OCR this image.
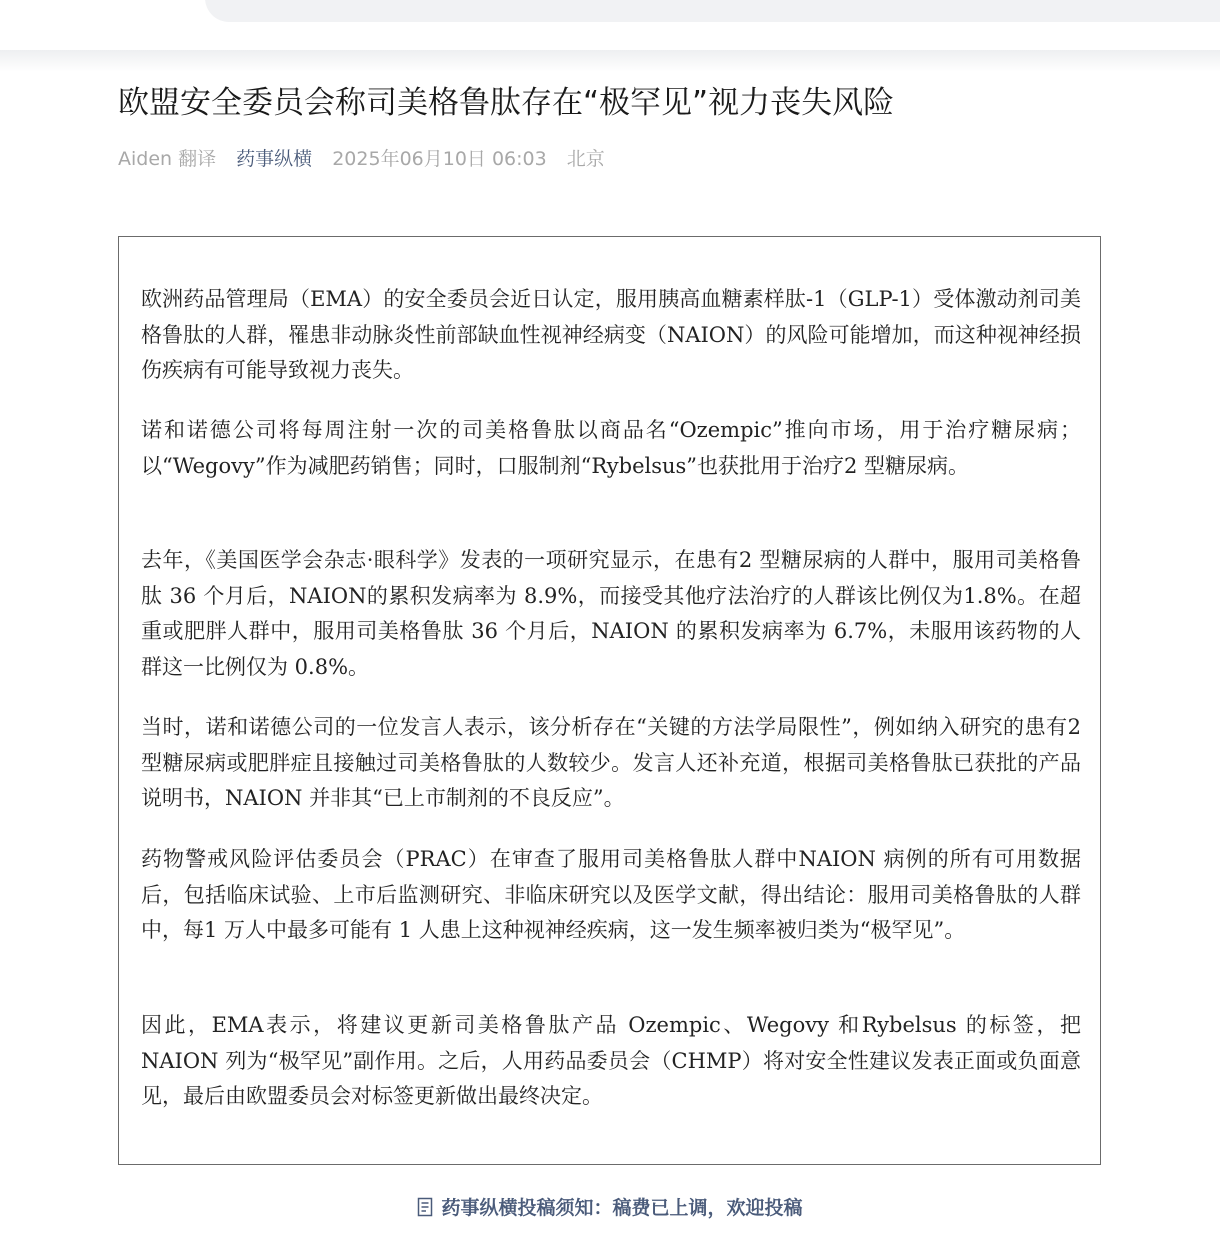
欧盟安全委员会称司美格鲁肽存在“极罕见”视力丧失风险
Aiden 翻译 药事纵横 2025年06月10日 06:03 北京

欧洲药品管理局（EMA）的安全委员会近日认定，服用胰高血糖素样肽-1（GLP-1）受体激动剂司美格鲁肽的人群，罹患非动脉炎性前部缺血性视神经病变（NAION）的风险可能增加，而这种视神经损伤疾病有可能导致视力丧失。

诺和诺德公司将每周注射一次的司美格鲁肽以商品名“Ozempic”推向市场，用于治疗糖尿病；以“Wegovy”作为减肥药销售；同时，口服制剂“Rybelsus”也获批用于治疗2 型糖尿病。

去年，《美国医学会杂志·眼科学》发表的一项研究显示，在患有2 型糖尿病的人群中，服用司美格鲁肽 36 个月后，NAION的累积发病率为 8.9%，而接受其他疗法治疗的人群该比例仅为1.8%。在超重或肥胖人群中，服用司美格鲁肽 36 个月后，NAION 的累积发病率为 6.7%，未服用该药物的人群这一比例仅为 0.8%。

当时，诺和诺德公司的一位发言人表示，该分析存在“关键的方法学局限性”，例如纳入研究的患有2 型糖尿病或肥胖症且接触过司美格鲁肽的人数较少。发言人还补充道，根据司美格鲁肽已获批的产品说明书，NAION 并非其“已上市制剂的不良反应”。

药物警戒风险评估委员会（PRAC）在审查了服用司美格鲁肽人群中NAION 病例的所有可用数据后，包括临床试验、上市后监测研究、非临床研究以及医学文献，得出结论：服用司美格鲁肽的人群中，每1 万人中最多可能有 1 人患上这种视神经疾病，这一发生频率被归类为“极罕见”。

因此，EMA表示，将建议更新司美格鲁肽产品 Ozempic、Wegovy 和Rybelsus 的标签，把 NAION 列为“极罕见”副作用。之后，人用药品委员会（CHMP）将对安全性建议发表正面或负面意见，最后由欧盟委员会对标签更新做出最终决定。

药事纵横投稿须知：稿费已上调，欢迎投稿
